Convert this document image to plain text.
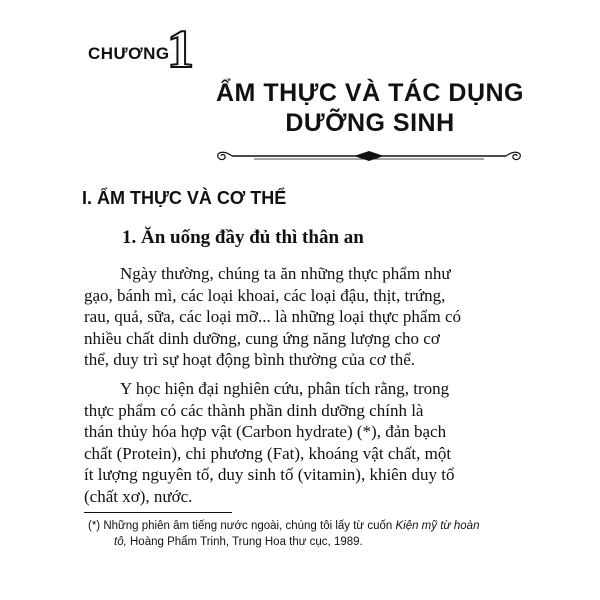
CHƯƠNG
1
ẨM THỰC VÀ TÁC DỤNG
DƯỠNG SINH
I. ẨM THỰC VÀ CƠ THỂ
1. Ăn uống đầy đủ thì thân an
Ngày thường, chúng ta ăn những thực phẩm như
gạo, bánh mì, các loại khoai, các loại đậu, thịt, trứng,
rau, quả, sữa, các loại mỡ... là những loại thực phẩm có
nhiều chất dinh dưỡng, cung ứng năng lượng cho cơ
thể, duy trì sự hoạt động bình thường của cơ thể.
Y học hiện đại nghiên cứu, phân tích rằng, trong
thực phẩm có các thành phần dinh dưỡng chính là
thán thủy hóa hợp vật (Carbon hydrate) (*), đản bạch
chất (Protein), chi phương (Fat), khoáng vật chất, một
ít lượng nguyên tố, duy sinh tố (vitamin), khiên duy tố
(chất xơ), nước.
(*) Những phiên âm tiếng nước ngoài, chúng tôi lấy từ cuốn Kiện mỹ từ hoàn
tô, Hoàng Phẩm Trinh, Trung Hoa thư cục, 1989.
